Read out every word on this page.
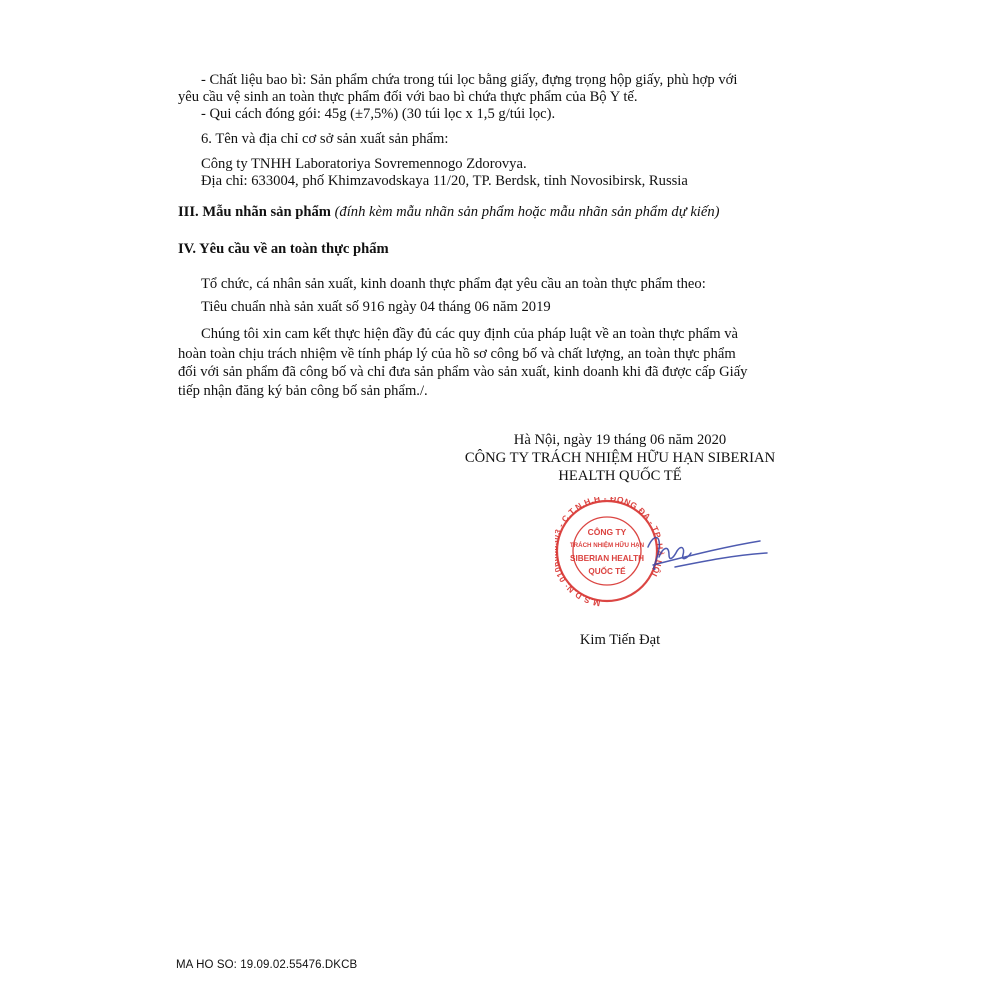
- Chất liệu bao bì: Sản phẩm chứa trong túi lọc bằng giấy, đựng trọng hộp giấy, phù hợp với
yêu cầu vệ sinh an toàn thực phẩm đối với bao bì chứa thực phẩm của Bộ Y tế.
- Qui cách đóng gói: 45g (±7,5%) (30 túi lọc x 1,5 g/túi lọc).
6. Tên và địa chỉ cơ sở sản xuất sản phẩm:
Công ty TNHH Laboratoriya Sovremennogo Zdorovya.
Địa chỉ: 633004, phố Khimzavodskaya 11/20, TP. Berdsk, tỉnh Novosibirsk, Russia
III. Mẫu nhãn sản phẩm (đính kèm mẫu nhãn sản phẩm hoặc mẫu nhãn sản phẩm dự kiến)
IV. Yêu cầu về an toàn thực phẩm
Tổ chức, cá nhân sản xuất, kinh doanh thực phẩm đạt yêu cầu an toàn thực phẩm theo:
Tiêu chuẩn nhà sản xuất số 916 ngày 04 tháng 06 năm 2019
Chúng tôi xin cam kết thực hiện đầy đủ các quy định của pháp luật về an toàn thực phẩm và
hoàn toàn chịu trách nhiệm về tính pháp lý của hồ sơ công bố và chất lượng, an toàn thực phẩm
đối với sản phẩm đã công bố và chỉ đưa sản phẩm vào sản xuất, kinh doanh khi đã được cấp Giấy
tiếp nhận đăng ký bản công bố sản phẩm./.
Hà Nội, ngày 19 tháng 06 năm 2020
CÔNG TY TRÁCH NHIỆM HỮU HẠN SIBERIAN
HEALTH QUỐC TẾ
M.S.D.N: 01 - C.T.N.H.H - ĐỐNG ĐA - TP. HÀ NỘI
CÔNG TY
TRÁCH NHIỆM HỮU HẠN
SIBERIAN HEALTH
QUỐC TẾ
Kim Tiến Đạt
MA HO SO: 19.09.02.55476.DKCB
